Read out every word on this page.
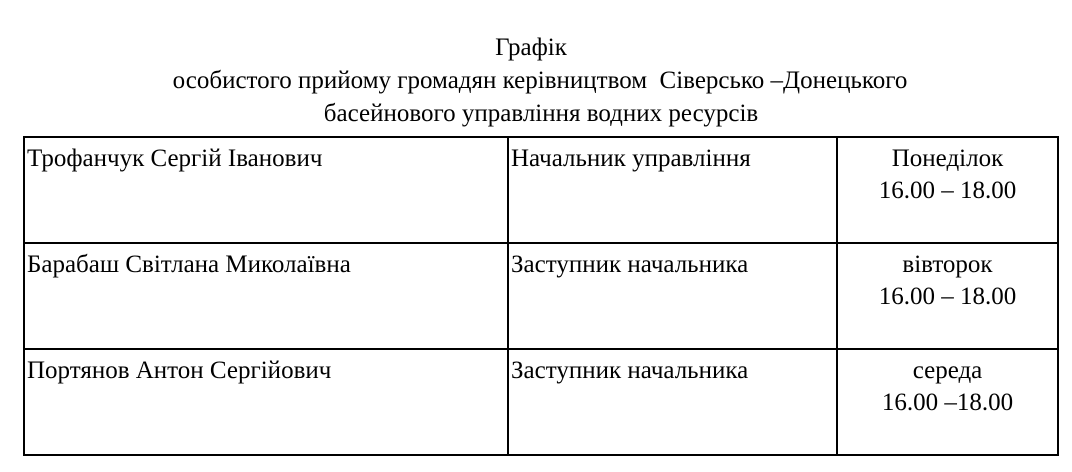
Графік
особистого прийому громадян керівництвом  Сіверсько –Донецького
басейнового управління водних ресурсів
Трофанчук Сергій Іванович	Начальник управління	Понеділок
16.00 – 18.00

Барабаш Світлана Миколаївна	Заступник начальника	вівторок
16.00 – 18.00

Портянов Антон Сергійович	Заступник начальника	середа
16.00 –18.00
